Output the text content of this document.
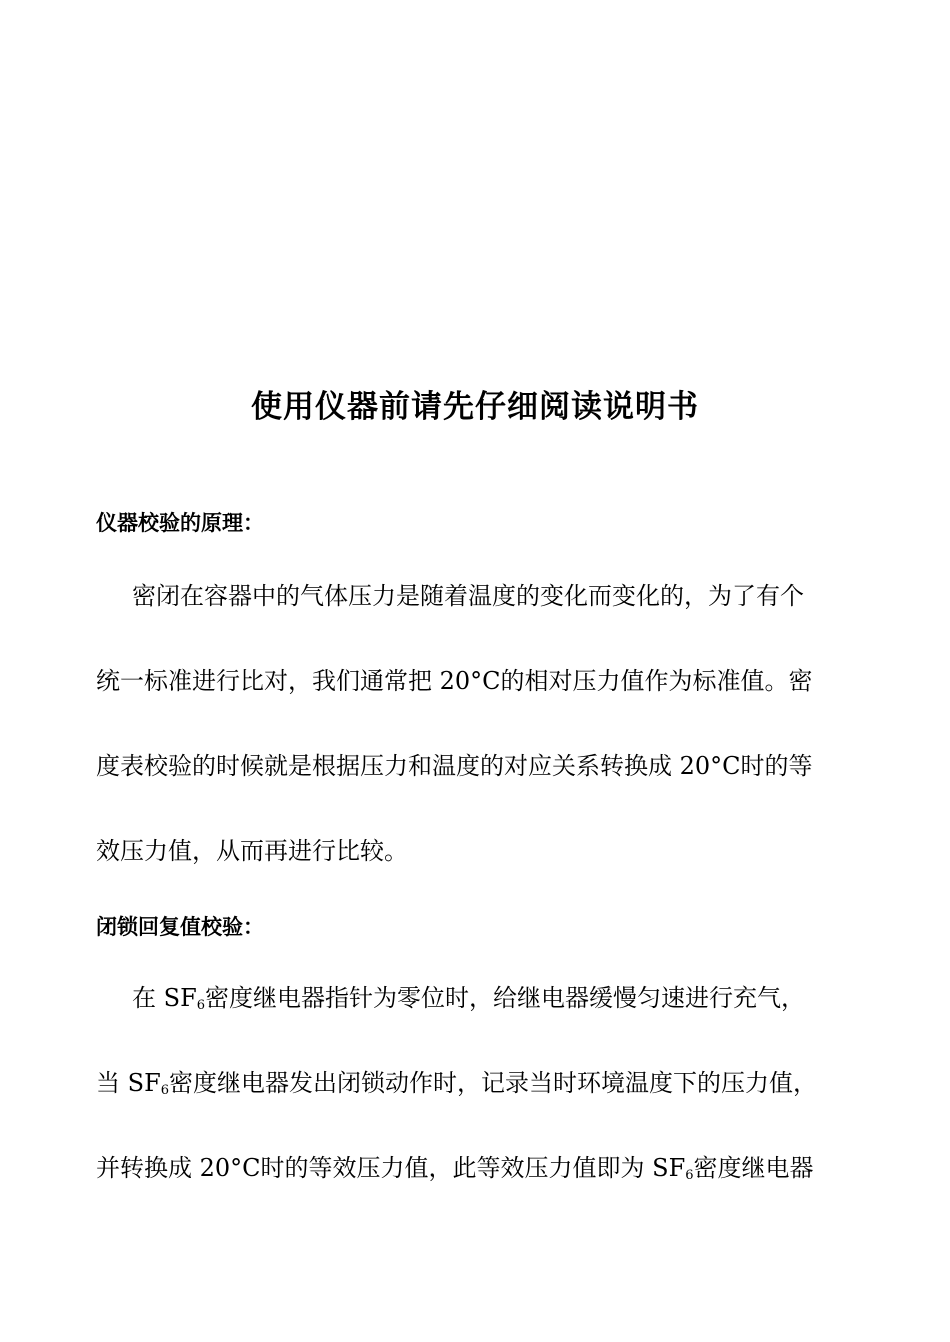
使用仪器前请先仔细阅读说明书
仪器校验的原理：
密闭在容器中的气体压力是随着温度的变化而变化的，为了有个
统一标准进行比对，我们通常把 20°C的相对压力值作为标准值。密
度表校验的时候就是根据压力和温度的对应关系转换成 20°C时的等
效压力值，从而再进行比较。
闭锁回复值校验：
在 $SF_6$密度继电器指针为零位时，给继电器缓慢匀速进行充气，
当 $SF_6$密度继电器发出闭锁动作时，记录当时环境温度下的压力值，
并转换成 20°C时的等效压力值，此等效压力值即为 $SF_6$密度继电器
